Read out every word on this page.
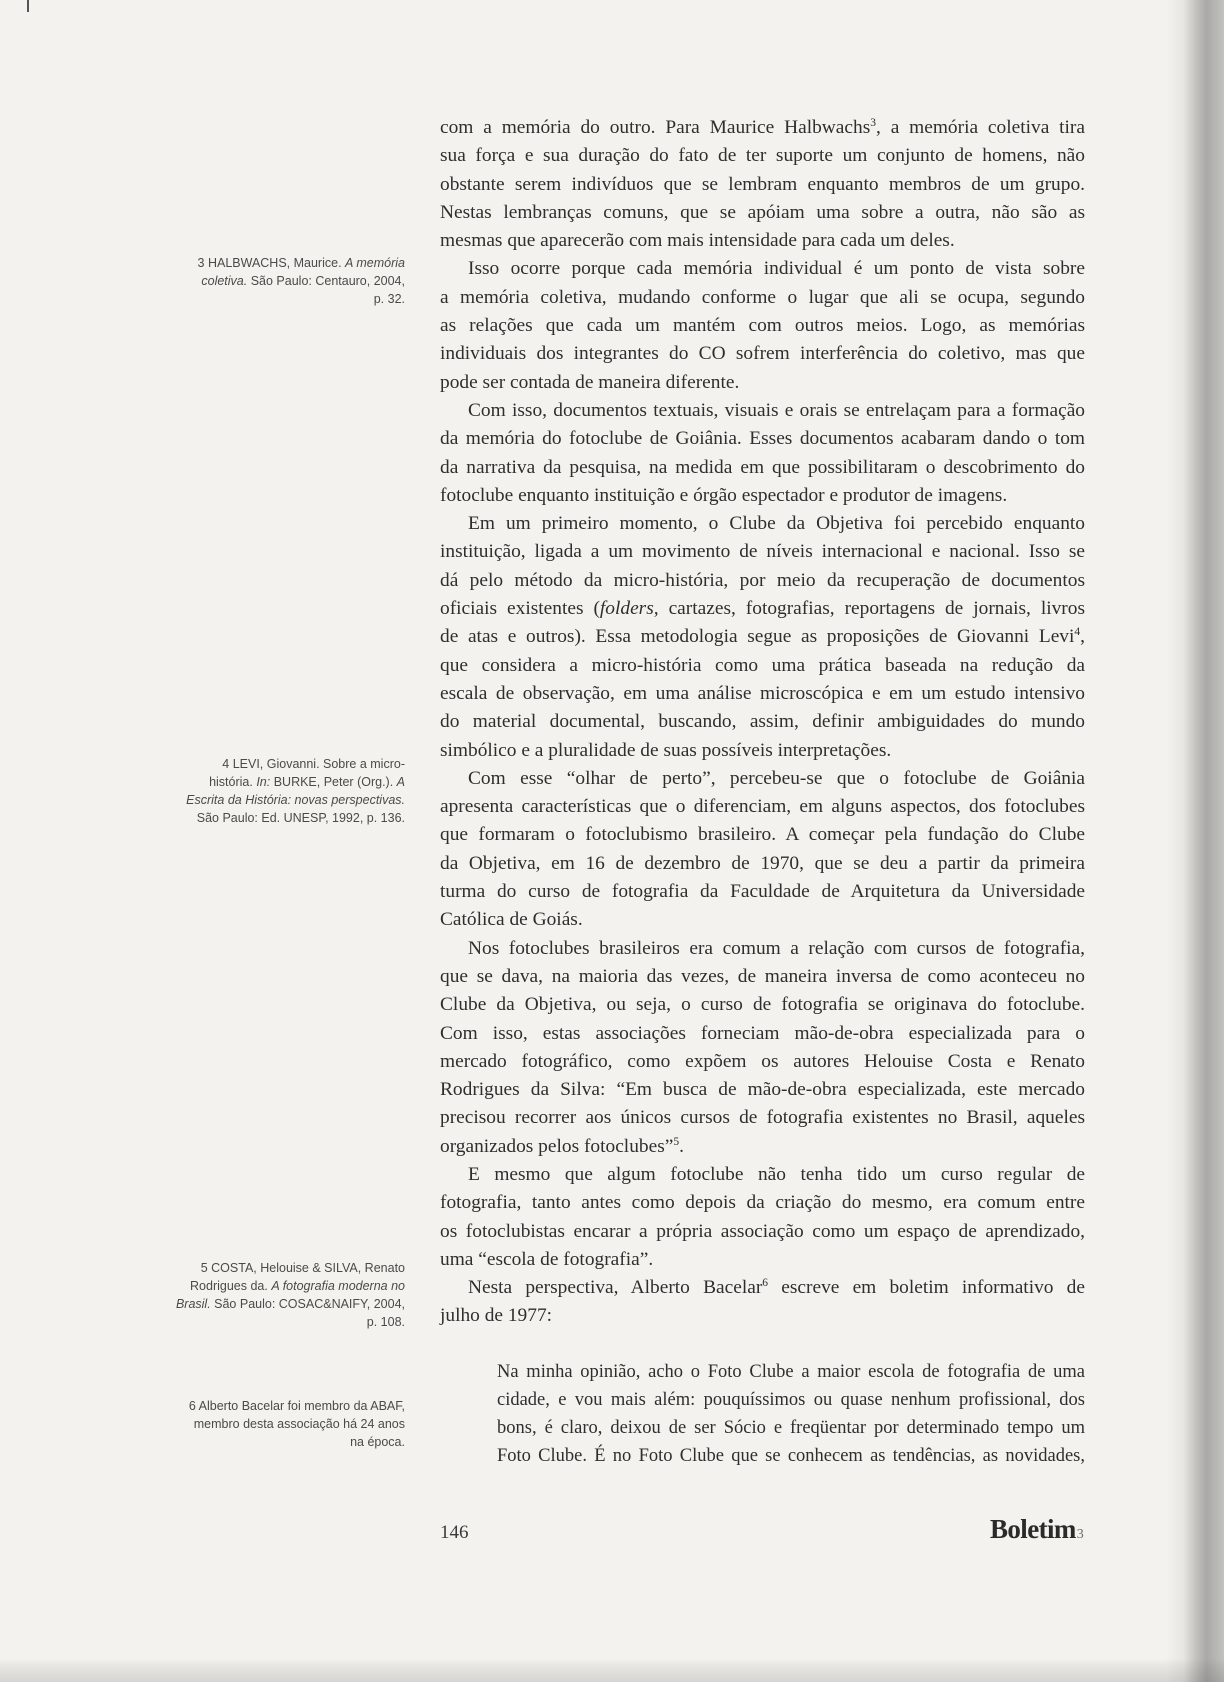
3 HALBWACHS, Maurice. A memória
coletiva. São Paulo: Centauro, 2004,
p. 32.
4 LEVI, Giovanni. Sobre a micro-
história. In: BURKE, Peter (Org.). A
Escrita da História: novas perspectivas.
São Paulo: Ed. UNESP, 1992, p. 136.
5 COSTA, Helouise & SILVA, Renato
Rodrigues da. A fotografia moderna no
Brasil. São Paulo: COSAC&NAIFY, 2004,
p. 108.
6 Alberto Bacelar foi membro da ABAF,
membro desta associação há 24 anos
na época.
com a memória do outro. Para Maurice Halbwachs$^3$, a memória coletiva tira
sua força e sua duração do fato de ter suporte um conjunto de homens, não
obstante serem indivíduos que se lembram enquanto membros de um grupo.
Nestas lembranças comuns, que se apóiam uma sobre a outra, não são as
mesmas que aparecerão com mais intensidade para cada um deles.
Isso ocorre porque cada memória individual é um ponto de vista sobre
a memória coletiva, mudando conforme o lugar que ali se ocupa, segundo
as relações que cada um mantém com outros meios. Logo, as memórias
individuais dos integrantes do CO sofrem interferência do coletivo, mas que
pode ser contada de maneira diferente.
Com isso, documentos textuais, visuais e orais se entrelaçam para a formação
da memória do fotoclube de Goiânia. Esses documentos acabaram dando o tom
da narrativa da pesquisa, na medida em que possibilitaram o descobrimento do
fotoclube enquanto instituição e órgão espectador e produtor de imagens.
Em um primeiro momento, o Clube da Objetiva foi percebido enquanto
instituição, ligada a um movimento de níveis internacional e nacional. Isso se
dá pelo método da micro-história, por meio da recuperação de documentos
oficiais existentes (folders, cartazes, fotografias, reportagens de jornais, livros
de atas e outros). Essa metodologia segue as proposições de Giovanni Levi$^4$,
que considera a micro-história como uma prática baseada na redução da
escala de observação, em uma análise microscópica e em um estudo intensivo
do material documental, buscando, assim, definir ambiguidades do mundo
simbólico e a pluralidade de suas possíveis interpretações.
Com esse “olhar de perto”, percebeu-se que o fotoclube de Goiânia
apresenta características que o diferenciam, em alguns aspectos, dos fotoclubes
que formaram o fotoclubismo brasileiro. A começar pela fundação do Clube
da Objetiva, em 16 de dezembro de 1970, que se deu a partir da primeira
turma do curso de fotografia da Faculdade de Arquitetura da Universidade
Católica de Goiás.
Nos fotoclubes brasileiros era comum a relação com cursos de fotografia,
que se dava, na maioria das vezes, de maneira inversa de como aconteceu no
Clube da Objetiva, ou seja, o curso de fotografia se originava do fotoclube.
Com isso, estas associações forneciam mão-de-obra especializada para o
mercado fotográfico, como expõem os autores Helouise Costa e Renato
Rodrigues da Silva: “Em busca de mão-de-obra especializada, este mercado
precisou recorrer aos únicos cursos de fotografia existentes no Brasil, aqueles
organizados pelos fotoclubes”$^5$.
E mesmo que algum fotoclube não tenha tido um curso regular de
fotografia, tanto antes como depois da criação do mesmo, era comum entre
os fotoclubistas encarar a própria associação como um espaço de aprendizado,
uma “escola de fotografia”.
Nesta perspectiva, Alberto Bacelar$^6$ escreve em boletim informativo de
julho de 1977:
Na minha opinião, acho o Foto Clube a maior escola de fotografia de uma
cidade, e vou mais além: pouquíssimos ou quase nenhum profissional, dos
bons, é claro, deixou de ser Sócio e freqüentar por determinado tempo um
Foto Clube. É no Foto Clube que se conhecem as tendências, as novidades,
146	Boletim3
